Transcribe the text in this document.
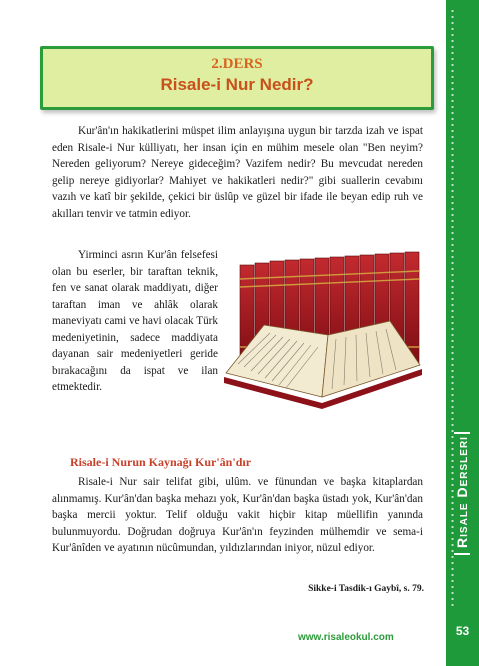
Risale Dersleri
53
2.DERS
Risale-i Nur Nedir?
Kur'ân'ın hakikatlerini müspet ilim anlayışına uygun bir tarzda izah ve ispat eden Risale-i Nur külliyatı, her insan için en mühim mesele olan "Ben neyim? Nereden geliyorum? Nereye gideceğim? Vazifem nedir? Bu mevcudat nereden gelip nereye gidiyorlar? Mahiyet ve hakikatleri nedir?" gibi suallerin cevabını vazıh ve katî bir şekilde, çekici bir üslûp ve güzel bir ifade ile beyan edip ruh ve akılları tenvir ve tatmin ediyor.
Yirminci asrın Kur'ân felsefesi olan bu eserler, bir taraftan teknik, fen ve sanat olarak maddiyatı, diğer taraftan iman ve ahlâk olarak maneviyatı cami ve havi olacak Türk medeniyetinin, sadece maddiyata dayanan sair medeniyetleri geride bırakacağını da ispat ve ilan etmektedir.
Risale-i Nurun Kaynağı Kur'ân'dır
Risale-i Nur sair telifat gibi, ulûm. ve fünundan ve başka kitaplardan alınmamış. Kur'ân'dan başka mehazı yok, Kur'ân'dan başka üstadı yok, Kur'ân'dan başka mercii yoktur. Telif olduğu vakit hiçbir kitap müellifin yanında bulunmuyordu. Doğrudan doğruya Kur'ân'ın feyzinden mülhemdir ve sema-i Kur'ânîden ve ayatının nücûmundan, yıldızlarından iniyor, nüzul ediyor.
Sikke-i Tasdik-ı Gaybî, s. 79.
www.risaleokul.com
